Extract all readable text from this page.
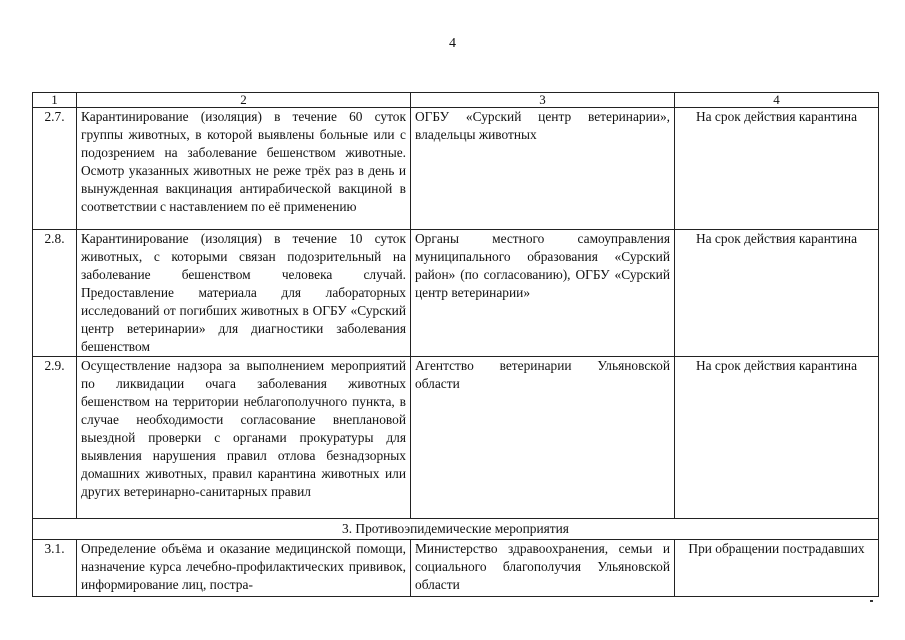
4
1	2	3	4
2.7.	Карантинирование (изоляция) в течение 60 суток группы животных, в которой выявлены больные или с подозрением на заболевание бешенством животные. Осмотр указанных животных не реже трёх раз в день и вынужденная вакцинация антирабической вакциной в соответствии с наставлением по её применению	ОГБУ «Сурский центр ветеринарии», владельцы животных	На срок действия карантина
2.8.	Карантинирование (изоляция) в течение 10 суток животных, с которыми связан подозрительный на заболевание бешенством человека случай. Предоставление материала для лабораторных исследований от погибших животных в ОГБУ «Сурский центр ветеринарии» для диагностики заболевания бешенством	Органы местного самоуправления муниципального образования «Сурский район» (по согласованию), ОГБУ «Сурский центр ветеринарии»	На срок действия карантина
2.9.	Осуществление надзора за выполнением мероприятий по ликвидации очага заболевания животных бешенством на территории неблагополучного пункта, в случае необходимости согласование внеплановой выездной проверки с органами прокуратуры для выявления нарушения правил отлова безнадзорных домашних животных, правил карантина животных или других ветеринарно-санитарных правил	Агентство ветеринарии Ульяновской области	На срок действия карантина
3. Противоэпидемические мероприятия			
3.1.	Определение объёма и оказание медицинской помощи, назначение курса лечебно-профилактических прививок, информирование лиц, постра-	Министерство здравоохранения, семьи и социального благополучия Ульяновской области	При обращении пострадавших
